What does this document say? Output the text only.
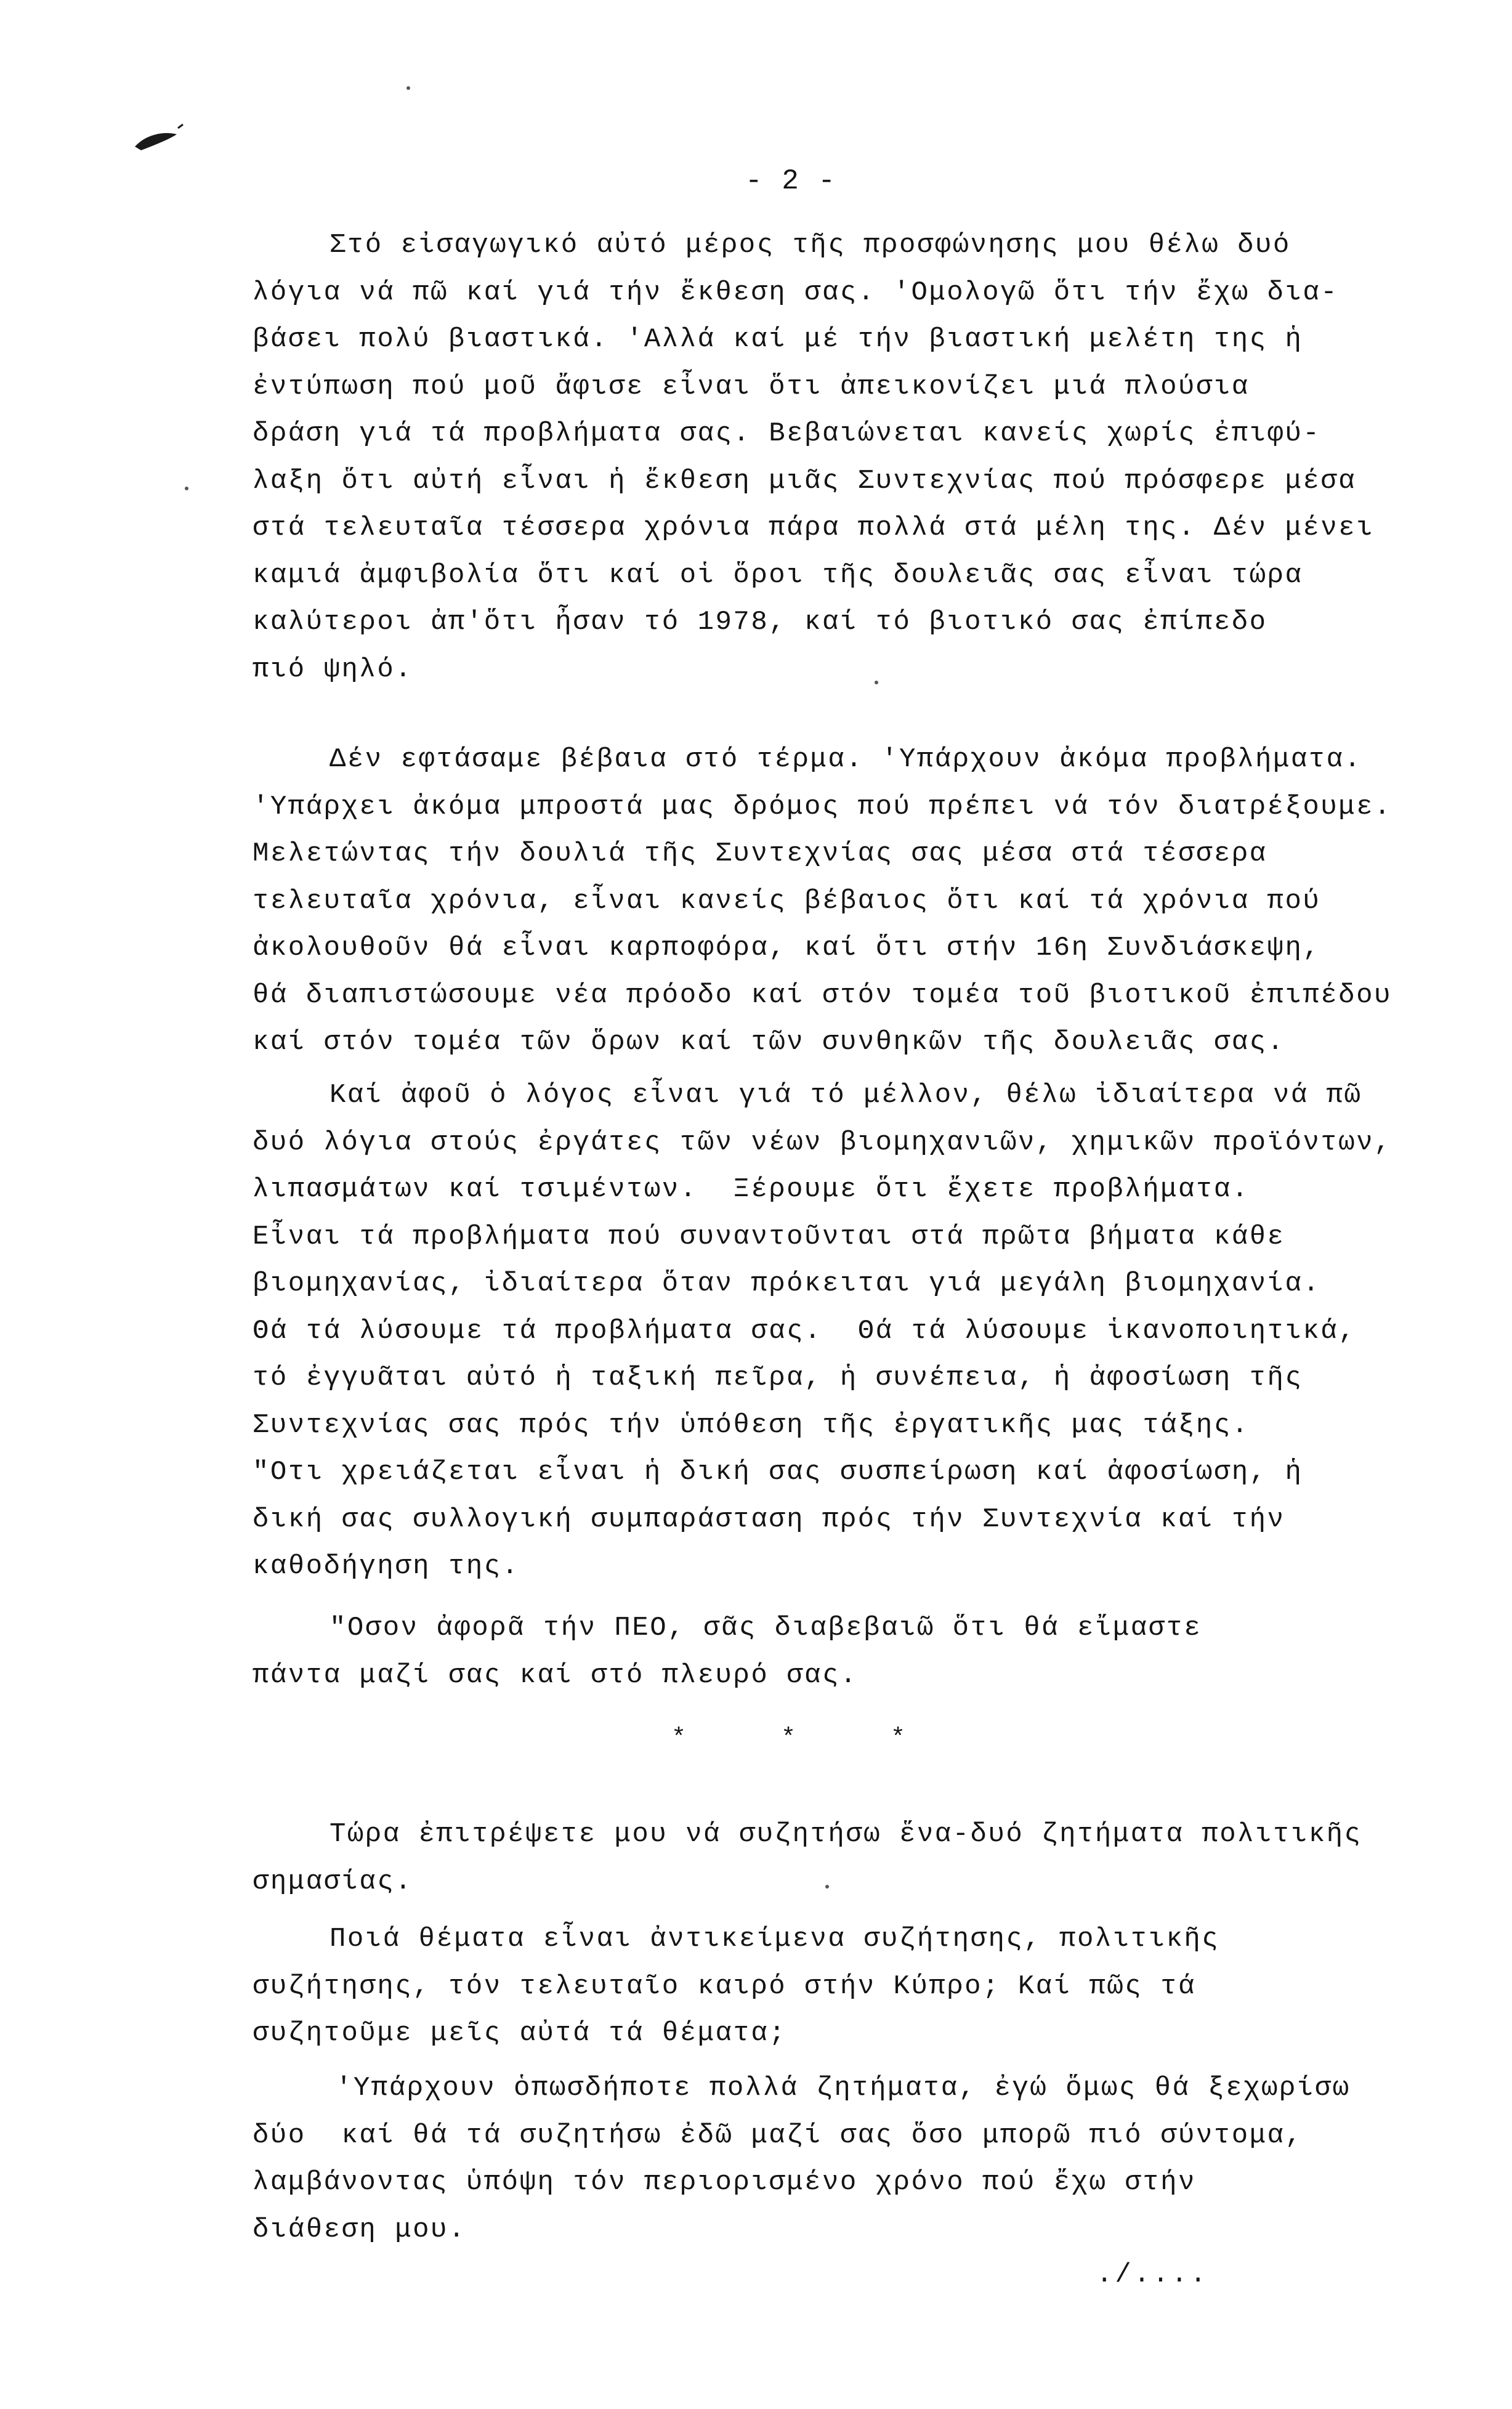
- 2 -

Στό εἰσαγωγικό αὐτό μέρος τῆς προσφώνησης μου θέλω δυό
λόγια νά πῶ καί γιά τήν ἔκθεση σας. 'Ομολογῶ ὅτι τήν ἔχω δια-
βάσει πολύ βιαστικά. 'Αλλά καί μέ τήν βιαστική μελέτη της ἡ
ἐντύπωση πού μοῦ ἄφισε εἶναι ὅτι ἀπεικονίζει μιά πλούσια
δράση γιά τά προβλήματα σας. Βεβαιώνεται κανείς χωρίς ἐπιφύ-
λαξη ὅτι αὐτή εἶναι ἡ ἔκθεση μιᾶς Συντεχνίας πού πρόσφερε μέσα
στά τελευταῖα τέσσερα χρόνια πάρα πολλά στά μέλη της. Δέν μένει
καμιά ἀμφιβολία ὅτι καί οἱ ὅροι τῆς δουλειᾶς σας εἶναι τώρα
καλύτεροι ἀπ'ὅτι ἦσαν τό 1978, καί τό βιοτικό σας ἐπίπεδο
πιό ψηλό.

Δέν εφτάσαμε βέβαια στό τέρμα. 'Υπάρχουν ἀκόμα προβλήματα.
'Υπάρχει ἀκόμα μπροστά μας δρόμος πού πρέπει νά τόν διατρέξουμε.
Μελετώντας τήν δουλιά τῆς Συντεχνίας σας μέσα στά τέσσερα
τελευταῖα χρόνια, εἶναι κανείς βέβαιος ὅτι καί τά χρόνια πού
ἀκολουθοῦν θά εἶναι καρποφόρα, καί ὅτι στήν 16η Συνδιάσκεψη,
θά διαπιστώσουμε νέα πρόοδο καί στόν τομέα τοῦ βιοτικοῦ ἐπιπέδου
καί στόν τομέα τῶν ὅρων καί τῶν συνθηκῶν τῆς δουλειᾶς σας.

Καί ἀφοῦ ὁ λόγος εἶναι γιά τό μέλλον, θέλω ἰδιαίτερα νά πῶ
δυό λόγια στούς ἐργάτες τῶν νέων βιομηχανιῶν, χημικῶν προϊόντων,
λιπασμάτων καί τσιμέντων.  Ξέρουμε ὅτι ἔχετε προβλήματα.
Εἶναι τά προβλήματα πού συναντοῦνται στά πρῶτα βήματα κάθε
βιομηχανίας, ἰδιαίτερα ὅταν πρόκειται γιά μεγάλη βιομηχανία.
Θά τά λύσουμε τά προβλήματα σας.  Θά τά λύσουμε ἱκανοποιητικά,
τό ἐγγυᾶται αὐτό ἡ ταξική πεῖρα, ἡ συνέπεια, ἡ ἀφοσίωση τῆς
Συντεχνίας σας πρός τήν ὑπόθεση τῆς ἐργατικῆς μας τάξης.
"Οτι χρειάζεται εἶναι ἡ δική σας συσπείρωση καί ἀφοσίωση, ἡ
δική σας συλλογική συμπαράσταση πρός τήν Συντεχνία καί τήν
καθοδήγηση της.

"Οσον ἀφορᾶ τήν ΠΕΟ, σᾶς διαβεβαιῶ ὅτι θά εἴμαστε
πάντα μαζί σας καί στό πλευρό σας.

*	*	*

Τώρα ἐπιτρέψετε μου νά συζητήσω ἕνα-δυό ζητήματα πολιτικῆς
σημασίας.

Ποιά θέματα εἶναι ἀντικείμενα συζήτησης, πολιτικῆς
συζήτησης, τόν τελευταῖο καιρό στήν Κύπρο; Καί πῶς τά
συζητοῦμε μεῖς αὐτά τά θέματα;

'Υπάρχουν ὁπωσδήποτε πολλά ζητήματα, ἐγώ ὅμως θά ξεχωρίσω
δύο  καί θά τά συζητήσω ἐδῶ μαζί σας ὅσο μπορῶ πιό σύντομα,
λαμβάνοντας ὑπόψη τόν περιορισμένο χρόνο πού ἔχω στήν
διάθεση μου.

./....
